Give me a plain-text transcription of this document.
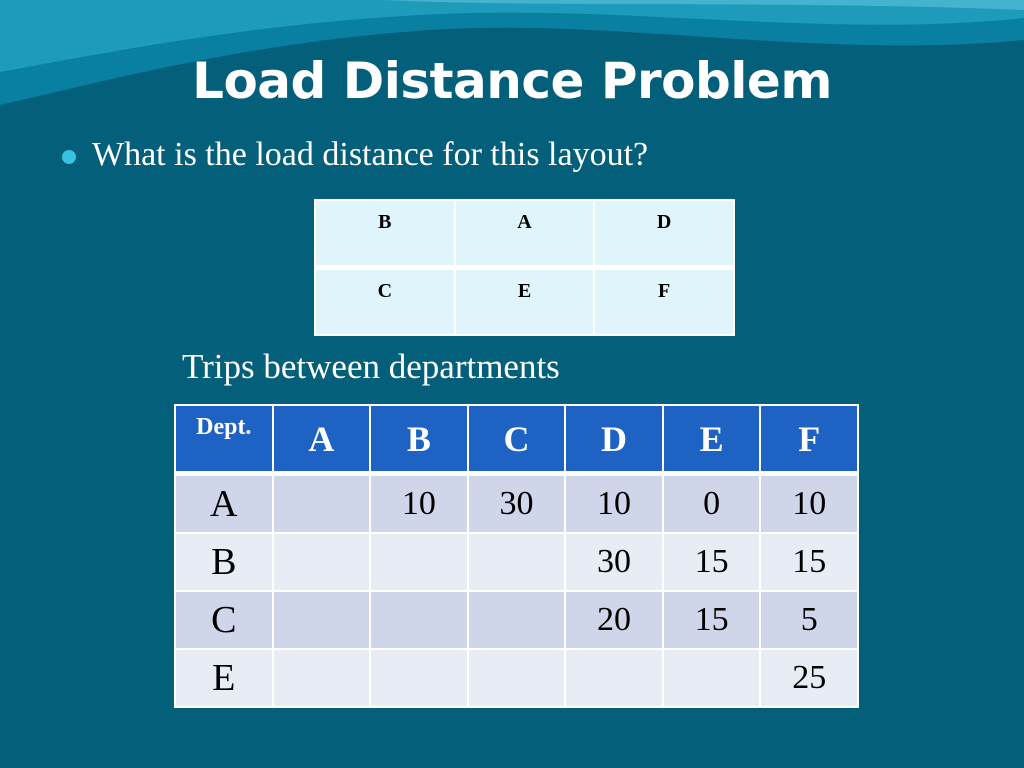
Load Distance Problem
What is the load distance for this layout?
B	A	D
C	E	F
Trips between departments
Dept.	A	B	C	D	E	F
A		10	30	10	0	10
B				30	15	15
C				20	15	5
E						25
